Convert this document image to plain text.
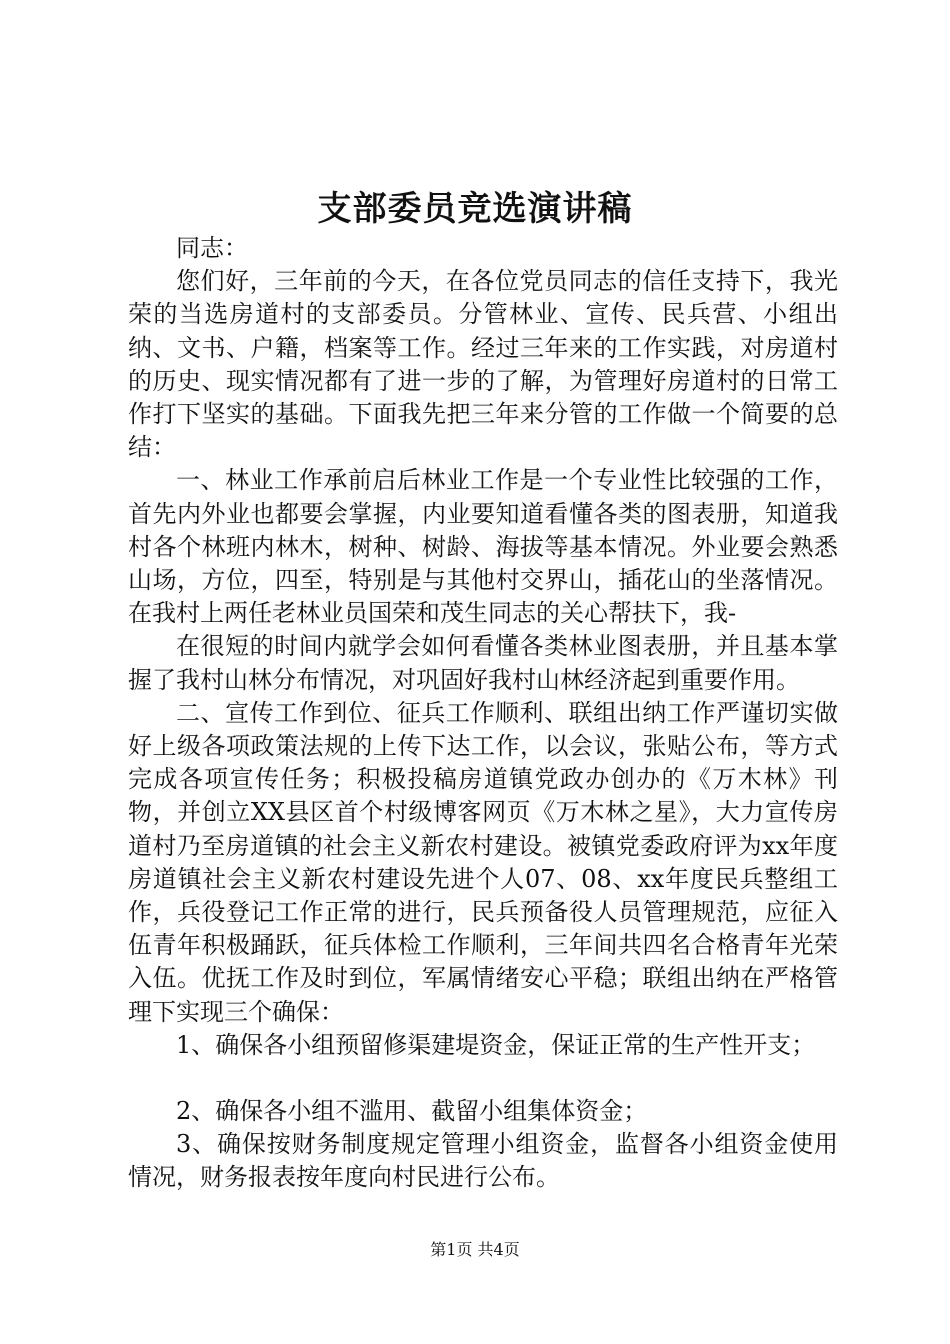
支部委员竞选演讲稿

同志：

您们好，三年前的今天，在各位党员同志的信任支持下，我光荣的当选房道村的支部委员。分管林业、宣传、民兵营、小组出纳、文书、户籍，档案等工作。经过三年来的工作实践，对房道村的历史、现实情况都有了进一步的了解，为管理好房道村的日常工作打下坚实的基础。下面我先把三年来分管的工作做一个简要的总结：

一、林业工作承前启后林业工作是一个专业性比较强的工作，首先内外业也都要会掌握，内业要知道看懂各类的图表册，知道我村各个林班内林木，树种、树龄、海拔等基本情况。外业要会熟悉山场，方位，四至，特别是与其他村交界山，插花山的坐落情况。在我村上两任老林业员国荣和茂生同志的关心帮扶下，我-

在很短的时间内就学会如何看懂各类林业图表册，并且基本掌握了我村山林分布情况，对巩固好我村山林经济起到重要作用。

二、宣传工作到位、征兵工作顺利、联组出纳工作严谨切实做好上级各项政策法规的上传下达工作，以会议，张贴公布，等方式完成各项宣传任务；积极投稿房道镇党政办创办的《万木林》刊物，并创立XX县区首个村级博客网页《万木林之星》，大力宣传房道村乃至房道镇的社会主义新农村建设。被镇党委政府评为xx年度房道镇社会主义新农村建设先进个人07、08、xx年度民兵整组工作，兵役登记工作正常的进行，民兵预备役人员管理规范，应征入伍青年积极踊跃，征兵体检工作顺利，三年间共四名合格青年光荣入伍。优抚工作及时到位，军属情绪安心平稳；联组出纳在严格管理下实现三个确保：

1、确保各小组预留修渠建堤资金，保证正常的生产性开支；

2、确保各小组不滥用、截留小组集体资金；

3、确保按财务制度规定管理小组资金，监督各小组资金使用情况，财务报表按年度向村民进行公布。

第1页 共4页
